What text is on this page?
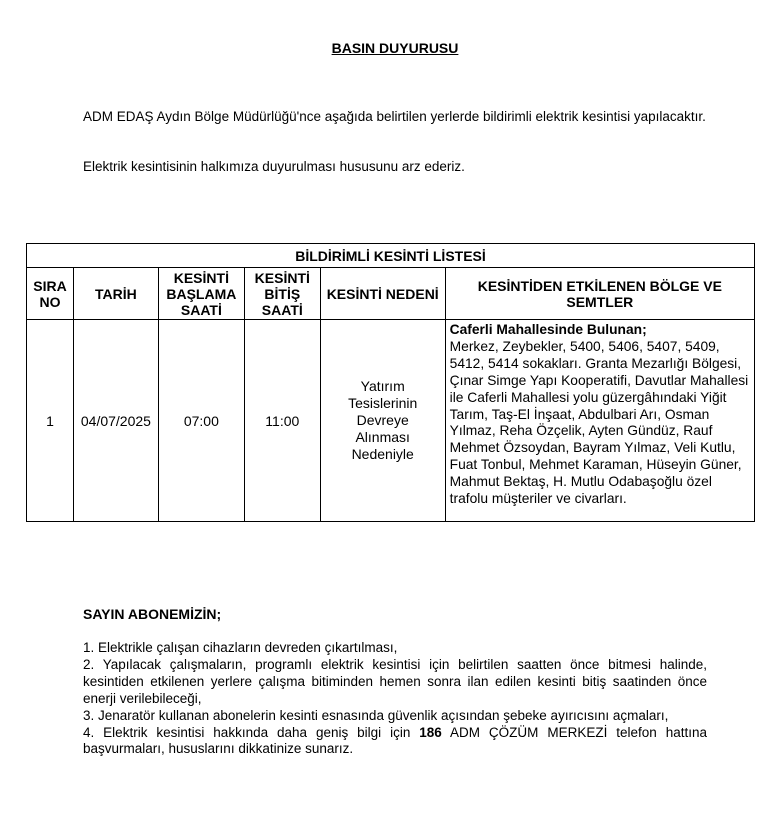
BASIN DUYURUSU
ADM EDAŞ Aydın Bölge Müdürlüğü'nce aşağıda belirtilen yerlerde bildirimli elektrik kesintisi yapılacaktır.
Elektrik kesintisinin halkımıza duyurulması hususunu arz ederiz.
BİLDİRİMLİ KESİNTİ LİSTESİ					
SIRA NO	TARİH	KESİNTİ BAŞLAMA SAATİ	KESİNTİ BİTİŞ SAATİ	KESİNTİ NEDENİ	KESİNTİDEN ETKİLENEN BÖLGE VE SEMTLER
1	04/07/2025	07:00	11:00	Yatırım Tesislerinin Devreye Alınması Nedeniyle	Caferli Mahallesinde Bulunan;
Merkez, Zeybekler, 5400, 5406, 5407, 5409, 5412, 5414 sokakları. Granta Mezarlığı Bölgesi, Çınar Simge Yapı Kooperatifi, Davutlar Mahallesi ile Caferli Mahallesi yolu güzergâhındaki Yiğit Tarım, Taş-El İnşaat, Abdulbari Arı, Osman Yılmaz, Reha Özçelik, Ayten Gündüz, Rauf Mehmet Özsoydan, Bayram Yılmaz, Veli Kutlu, Fuat Tonbul, Mehmet Karaman, Hüseyin Güner, Mahmut Bektaş, H. Mutlu Odabaşoğlu özel trafolu müşteriler ve civarları.
SAYIN ABONEMİZİN;
1. Elektrikle çalışan cihazların devreden çıkartılması,
2. Yapılacak çalışmaların, programlı elektrik kesintisi için belirtilen saatten önce bitmesi halinde, kesintiden etkilenen yerlere çalışma bitiminden hemen sonra ilan edilen kesinti bitiş saatinden önce enerji verilebileceği,
3. Jenaratör kullanan abonelerin kesinti esnasında güvenlik açısından şebeke ayırıcısını açmaları,
4. Elektrik kesintisi hakkında daha geniş bilgi için 186 ADM ÇÖZÜM MERKEZİ telefon hattına başvurmaları, hususlarını dikkatinize sunarız.
